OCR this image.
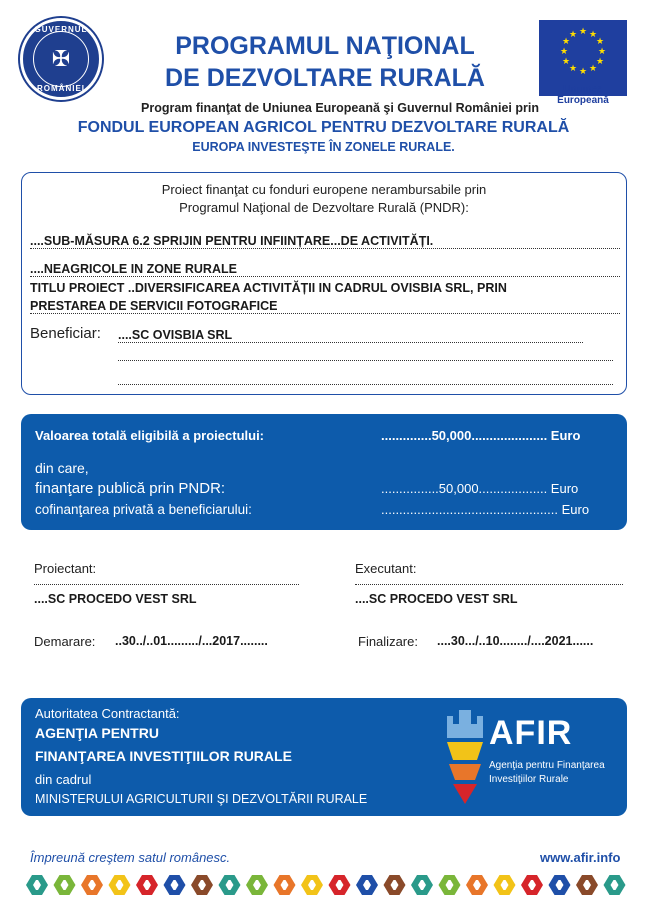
GUVERNUL
✠
ROMÂNIEI
PROGRAMUL NAŢIONAL
DE DEZVOLTARE RURALĂ
★ ★
★
★
★
★
★
★
★
★
★
★
Uniunea Europeană
Program finanţat de Uniunea Europeană şi Guvernul României prin
FONDUL EUROPEAN AGRICOL PENTRU DEZVOLTARE RURALĂ
EUROPA INVESTEŞTE ÎN ZONELE RURALE.
Proiect finanţat cu fonduri europene nerambursabile prin
Programul Naţional de Dezvoltare Rurală (PNDR):
....SUB-MĂSURA 6.2 SPRIJIN PENTRU INFIINȚARE...DE ACTIVITĂȚI.
....NEAGRICOLE IN ZONE RURALE
TITLU PROIECT ..DIVERSIFICAREA ACTIVITĂȚII IN CADRUL OVISBIA SRL, PRIN
PRESTAREA DE SERVICII FOTOGRAFICE
Beneficiar: ....SC OVISBIA SRL
Valoarea totală eligibilă a proiectului:	..............50,000..................... Euro
din care,
finanţare publică prin PNDR:	................50,000................... Euro
cofinanţarea privată a beneficiarului:	................................................. Euro
Proiectant:
....SC PROCEDO VEST SRL
Executant:
....SC PROCEDO VEST SRL
Demarare: ..30../..01........./...2017........	Finalizare: ....30.../..10......../....2021......
Autoritatea Contractantă:
AGENŢIA PENTRU
FINANŢAREA INVESTIŢIILOR RURALE
din cadrul
MINISTERULUI AGRICULTURII ŞI DEZVOLTĂRII RURALE
AFIR
Agenţia pentru Finanţarea
Investiţiilor Rurale
Împreună creştem satul românesc.	www.afir.info
